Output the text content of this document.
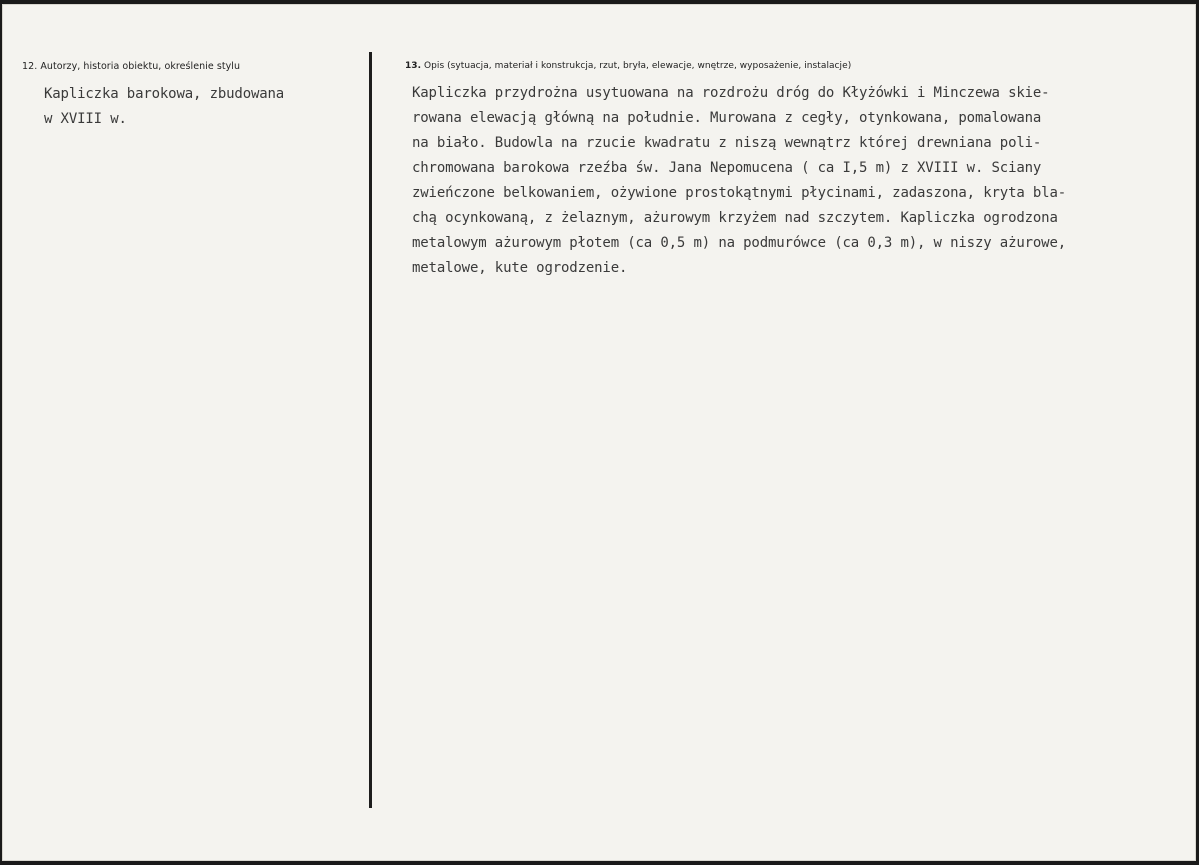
12. Autorzy, historia obiektu, określenie stylu
Kapliczka barokowa, zbudowana
w XVIII w.
13. Opis (sytuacja, materiał i konstrukcja, rzut, bryła, elewacje, wnętrze, wyposażenie, instalacje)
Kapliczka przydrożna usytuowana na rozdrożu dróg do Kłyżówki i Minczewa skie-
rowana elewacją główną na południe. Murowana z cegły, otynkowana, pomalowana
na biało. Budowla na rzucie kwadratu z niszą wewnątrz której drewniana poli-
chromowana barokowa rzeźba św. Jana Nepomucena ( ca I,5 m) z XVIII w. Sciany
zwieńczone belkowaniem, ożywione prostokątnymi płycinami, zadaszona, kryta bla-
chą ocynkowaną, z żelaznym, ażurowym krzyżem nad szczytem. Kapliczka ogrodzona
metalowym ażurowym płotem (ca 0,5 m) na podmurówce (ca 0,3 m), w niszy ażurowe,
metalowe, kute ogrodzenie.
